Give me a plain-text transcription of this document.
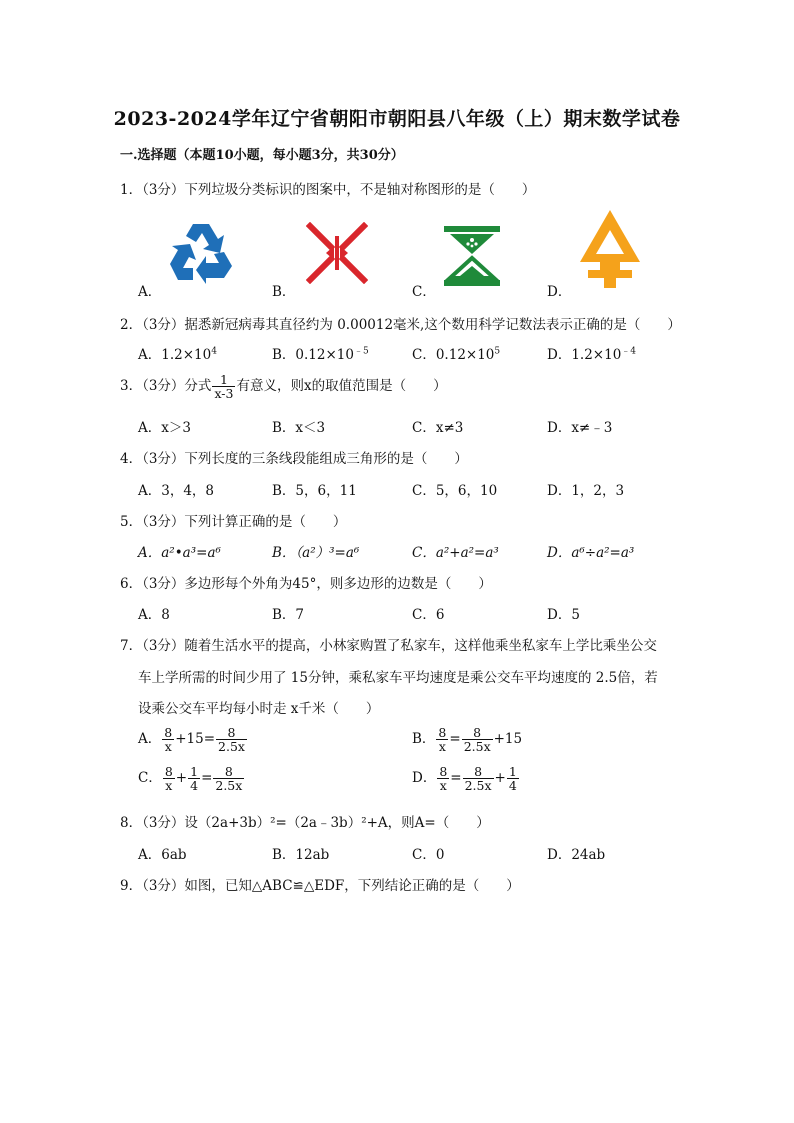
2023-2024学年辽宁省朝阳市朝阳县八年级（上）期末数学试卷
一.选择题（本题10小题，每小题3分，共30分）
1．（3分）下列垃圾分类标识的图案中，不是轴对称图形的是（　　）
A．	B．	C．	D．
2．（3分）据悉新冠病毒其直径约为 0.00012毫米,这个数用科学记数法表示正确的是（　　）
A．$1.2\times 10^4$	B．$0.12\times 10^{﹣5}$	C．$0.12\times 10^5$	D．$1.2\times 10^{﹣4}$
3．（3分）分式 $\frac{1}{x-3}$ 有意义，则x的取值范围是（　　）
A．x＞3	B．x＜3	C．x≠3	D．x≠﹣3
4．（3分）下列长度的三条线段能组成三角形的是（　　）
A．3，4，8	B．5，6，11	C．5，6，10	D．1，2，3
5．（3分）下列计算正确的是（　　）
A．a²•a³=a⁶	B．（a²）³=a⁶	C．a²+a²=a³	D．a⁶÷a²=a³
6．（3分）多边形每个外角为45°，则多边形的边数是（　　）
A．8	B．7	C．6	D．5
7．（3分）随着生活水平的提高，小林家购置了私家车，这样他乘坐私家车上学比乘坐公交
车上学所需的时间少用了 15分钟，乘私家车平均速度是乘公交车平均速度的 2.5倍，若
设乘公交车平均每小时走 x千米（　　）
A． $\frac{8}{x} +15= \frac{8}{2.5x}$	B． $\frac{8}{x} = \frac{8}{2.5x} +15$
C． $\frac{8}{x} + \frac{1}{4} = \frac{8}{2.5x}$	D． $\frac{8}{x} = \frac{8}{2.5x} + \frac{1}{4}$
8．（3分）设（2a+3b）²=（2a﹣3b）²+A，则A=（　　）
A．6ab	B．12ab	C．0	D．24ab
9．（3分）如图，已知△ABC≌△EDF，下列结论正确的是（　　）
